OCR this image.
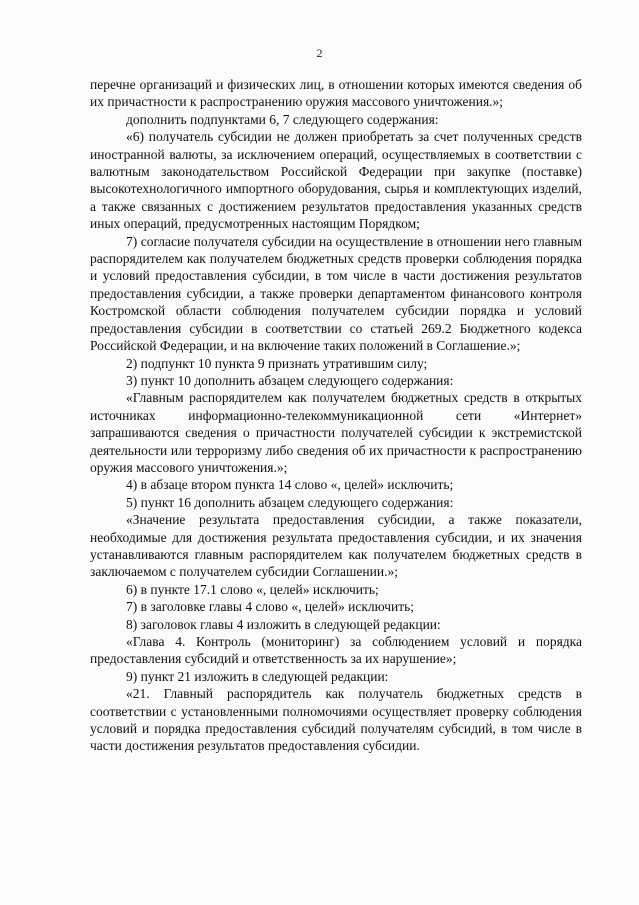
2

перечне организаций и физических лиц, в отношении которых имеются сведения об их причастности к распространению оружия массового уничтожения.»;

дополнить подпунктами 6, 7 следующего содержания:

«6) получатель субсидии не должен приобретать за счет полученных средств иностранной валюты, за исключением операций, осуществляемых в соответствии с валютным законодательством Российской Федерации при закупке (поставке) высокотехнологичного импортного оборудования, сырья и комплектующих изделий, а также связанных с достижением результатов предоставления указанных средств иных операций, предусмотренных настоящим Порядком;

7) согласие получателя субсидии на осуществление в отношении него главным распорядителем как получателем бюджетных средств проверки соблюдения порядка и условий предоставления субсидии, в том числе в части достижения результатов предоставления субсидии, а также проверки департаментом финансового контроля Костромской области соблюдения получателем субсидии порядка и условий предоставления субсидии в соответствии со статьей 269.2 Бюджетного кодекса Российской Федерации, и на включение таких положений в Соглашение.»;

2) подпункт 10 пункта 9 признать утратившим силу;

3) пункт 10 дополнить абзацем следующего содержания:

«Главным распорядителем как получателем бюджетных средств в открытых источниках информационно-телекоммуникационной сети «Интернет» запрашиваются сведения о причастности получателей субсидии к экстремистской деятельности или терроризму либо сведения об их причастности к распространению оружия массового уничтожения.»;

4) в абзаце втором пункта 14 слово «, целей» исключить;

5) пункт 16 дополнить абзацем следующего содержания:

«Значение результата предоставления субсидии, а также показатели, необходимые для достижения результата предоставления субсидии, и их значения устанавливаются главным распорядителем как получателем бюджетных средств в заключаемом с получателем субсидии Соглашении.»;

6) в пункте 17.1 слово «, целей» исключить;

7) в заголовке главы 4 слово «, целей» исключить;

8) заголовок главы 4 изложить в следующей редакции:

«Глава 4. Контроль (мониторинг) за соблюдением условий и порядка предоставления субсидий и ответственность за их нарушение»;

9) пункт 21 изложить в следующей редакции:

«21. Главный распорядитель как получатель бюджетных средств в соответствии с установленными полномочиями осуществляет проверку соблюдения условий и порядка предоставления субсидий получателям субсидий, в том числе в части достижения результатов предоставления субсидии.
